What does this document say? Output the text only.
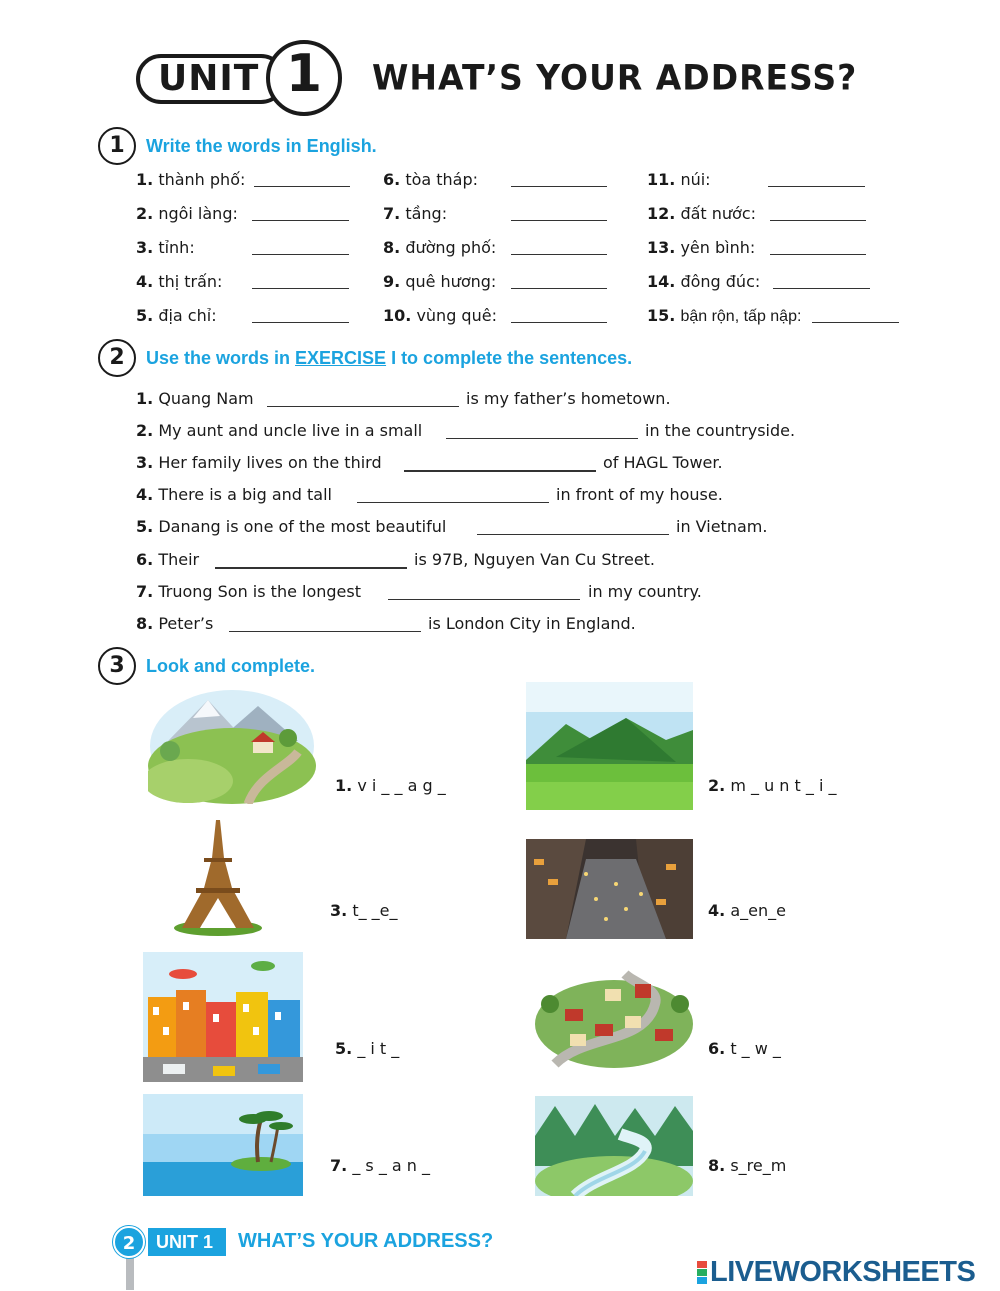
UNIT 1	WHAT’S YOUR ADDRESS?
1	Write the words in English.
1. thành phố:
2. ngôi làng:
3. tỉnh:
4. thị trấn:
5. địa chỉ:
6. tòa tháp:
7. tầng:
8. đường phố:
9. quê hương:
10. vùng quê:
11. núi:
12. đất nước:
13. yên bình:
14. đông đúc:
15. bận rộn, tấp nập:
2	Use the words in EXERCISE I to complete the sentences.
1. Quang Nam	is my father’s hometown.
2. My aunt and uncle live in a small	in the countryside.
3. Her family lives on the third	of HAGL Tower.
4. There is a big and tall	in front of my house.
5. Danang is one of the most beautiful	in Vietnam.
6. Their	is 97B, Nguyen Van Cu Street.
7. Truong Son is the longest	in my country.
8. Peter’s	is London City in England.
3	Look and complete.
1. v i _ _ a g _	2. m _ u n t _ i _
3. t_ _e_	4. a_en_e
5. _ i t _	6. t _ w _
7. _ s _ a n _	8. s_re_m
2	UNIT 1	WHAT’S YOUR ADDRESS?
LIVEWORKSHEETS
